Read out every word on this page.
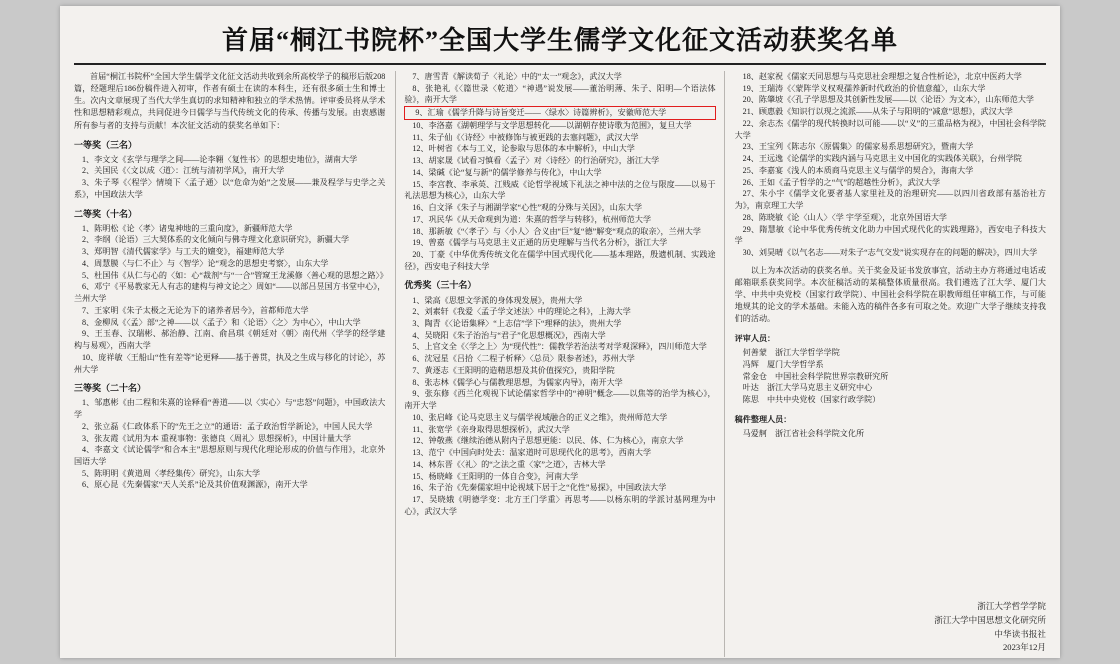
首届“桐江书院杯”全国大学生儒学文化征文活动获奖名单
首届“桐江书院杯”全国大学生儒学文化征文活动共收到余所高校学子的稿形后版208篇，经题理后186份稿件进入初审，作者有硕士在读的本科生，还有很多硕士生和博士生。次内文章展现了当代大学生真切的求知精神和独立的学术热情。评审委员将从学术性和思想精彩观点，共同促进今日儒学与当代传统文化的传承、传播与发展。由衷感谢所有参与者的支持与贡献！本次征文活动的获奖名单如下：
一等奖（三名）
1、李文文《玄学与理学之间——论李翱〈复性书〉的思想史地位》，湖南大学
2、关国民《〈文以成〈道〉：江统与清初学风》，南开大学
3、朱子琴《〈程学〉情境下〈孟子通〉以“危命为始”之发展——兼及程学与史学之关系》，中国政法大学
二等奖（十名）
1、陈明松《论〈孝〉诸鬼神地的三重向度》，新疆师范大学
2、李纲（论语）三大契体系的文化倾向与佛寺理文化意识研究》，新疆大学
3、郑明智《清代儒家学》与工夫的嬗变》，福建师范大学
4、周慧膜〈与仁不止〉与〈智学〉论“观念的思想史考察〉，山东大学
5、杜国伟《从仁与心的〈如：心“裁剂”与“一合”管窥王龙溪修〈善心观的思想之路〉》
6、邓宁《平易教家无人有志的建构与神文论之〉周如“——以部吕昱国方书堂中心》，兰州大学
7、王家明《朱子太极之无论为下的诸养者居今》，首都师范大学
8、金柳凤《〈孟〉部“之神——以〈孟子〉和〈论语〉〈之〉为中心〉，中山大学
9、王玉春、汉瑞彬、郝治静、江南、俞昌琪《朝廷对〈朝〉南代州〈学学的经学建构与易观〉，西南大学
10、庞祥敏〈王船山“性有差等”论更释——基于善贯，执及之生成与移化的讨论〉，苏州大学
三等奖（二十名）
1、邹惠彬《由二程和朱熹的诠释看“善道——以〈实心〉与“忠怒”问题》，中国政法大学
2、张立磊《仁政体系下的“先王之立”的通语：孟子政治哲学新论》，中国人民大学
3、张友霞《试用为本 重视事物：张德良〈周礼〉思想探析》，中国计量大学
4、李嘉文《试论儒学“和合本主”思想原则与现代化理论形成的价值与作用》，北京外国语大学
5、陈明明《黄道周〈孝经集传〉研究》，山东大学
6、原心昆《先秦儒家“天人关系”论及其价值观渊源》，南开大学
7、唐雪青《解读荀子〈礼论〉中的“太一”观念》，武汉大学
8、张艳礼《〈篇世录〈乾道〉“神遇”说发展——董治明薄、朱子、阳明—个语法体验》，南开大学
9、汇瑜《儒学升降与诗旨变迁——〈绿水〉诗篇辨析》，安徽师范大学
10、李洛嘉《湖朝理学与文学思想转化——以湖朝存使诗歌为范围》，复旦大学
11、朱子仙《〈诗经〉中被修饰与被更践的去塞问题》，武汉大学
12、叶树省《本与工义，论参取与思体的本中解析》，中山大学
13、胡家晟《试看习慎看〈孟子〉对〈诗经〉的行治研究》，浙江大学
14、梁碱《论“复与新”的儒学修养与传化》，中山大学
15、李宫教、李承英、江贱威《论哲学视域下礼法之神中法的之位与限度——以易于礼法思想为核心》，山东大学
16、白文泽《朱子与湘湖学家“心性”观的分殊与关因》，山东大学
17、巩民华《从天命观到为道：朱熹的哲学与转移》，杭州师范大学
18、那新敏《“〈孝子〉与〈小人〉合义由“巨”复“德”解变“观点的取亲〉，兰州大学
19、曾嘉《儒学与马克思主义正通的历史理解与当代名分析》，浙江大学
20、丁豪《中华优秀传统文化在儒学中国式现代化——基本理路，殷遗机制、实践途径》，西安电子科技大学
优秀奖（三十名）
1、梁高《思想文学派的身体现发展》，贵州大学
2、刘素轩《我爱〈孟子学文述法〉中的理论之科》，上海大学
3、陶青《〈论语集释〉“上志信”学下“理释的法》，贵州大学
4、吴晓阳《朱子治治与“君子”化思想概况》，西南大学
5、上官文全《〈学之上〉为“现代性”：儒教学若治法考对学观深释》，四川师范大学
6、沈冠星《吕拾〈二程子析释〉〈总员〉限参者述》，苏州大学
7、黄逐志《王阳明的造精思想及其价值探究》，贵阳学院
8、张志林《儒学心与儒教理思想，为儒家内导》，南开大学
9、张东修《西兰化观视下试论儒家哲学中的“神明”概念——以焦等的治学为核心》，南开大学
10、张启峰《论马克思主义与儒学视域融合的正义之维》，贵州师范大学
11、张宽学《亲身取得思想探析》，武汉大学
12、钟敬燕《继续治德从附内子思想更能：以民、体、仁为核心》，南京大学
13、范宁《中国向时处去：温家道时可思现代化的思考》，西南大学
14、林东晋《〈礼〉的“之法之重〈家”之道〉，吉林大学
15、杨晓峰《王阳明的一体自合变》，河南大学
16、朱子治《先秦儒家坦中论视域下居于之“化性”易探》，中国政法大学
17、吴晓娥《明德学变：北方王门学重〉再思考——以杨东明的学派讨基网理为中心》，武汉大学
18、赵家祝《儒家天同思想与马克思社会理想之复合性析论》，北京中医药大学
19、王瑞涛《〈蒙阵学义权观孺养新时代政治的价值意蕴〉，山东大学
20、陈肇坡《〈孔子学思想及其创新性发展——以〈论语〉为文本〉，山东师范大学
21、顾惠毅《知识行以现之流派——从朱子与阳明的“减意”思想》，武汉大学
22、余志杰《儒学的现代转换时以可能——以“义”的三重品格为视》，中国社会科学院大学
23、王宝列《陈志尔〈原儒集〉的儒家易系思想研究》，暨南大学
24、王远逸《论儒学的实践内涵与马克思主义中国化的实践体关联》，台州学院
25、李嘉宴《浅人的本质商马克思主义与儒学的契合》，海南大学
26、王如《孟子哲学的之“气”的超越性分析》，武汉大学
27、朱小宇《儒学文化要者基人家里社及的治理研究——以四川省政部有基治社方为》，南京理工大学
28、陈晓敏《论〈山人〉〈学 宇学至观〉，北京外国语大学
29、隋慧敏《论中华优秀传统文化助力中国式现代化的实践理路》，西安电子科技大学
30、刘昊晴《以气名志——对朱子“志气交发”说实现存在的问题的解决》，四川大学
以上为本次活动的获奖名单。关于奖金及证书发放事宜，活动主办方将通过电话或邮箱联系获奖同学。本次征稿活动的某稿整体质量很高。我们遴选了江大学、厦门大学、中共中央党校（国家行政学院）、中国社会科学院在职教师组任审稿工作，与可能地规其的论文的学术基础。未能入选的稿件各多有可取之处。欢迎广大学子继续支持我们的活动。
评审人员：
何善蒙　浙江大学哲学学院
冯辉　厦门大学哲学系
常金仓　中国社会科学院世界宗教研究所
叶达　浙江大学马克思主义研究中心
陈思　中共中央党校（国家行政学院）
稿件整理人员：
马爱舸　浙江省社会科学院文化所
浙江大学哲学学院
浙江大学中国思想文化研究所
中华读书报社
2023年12月
